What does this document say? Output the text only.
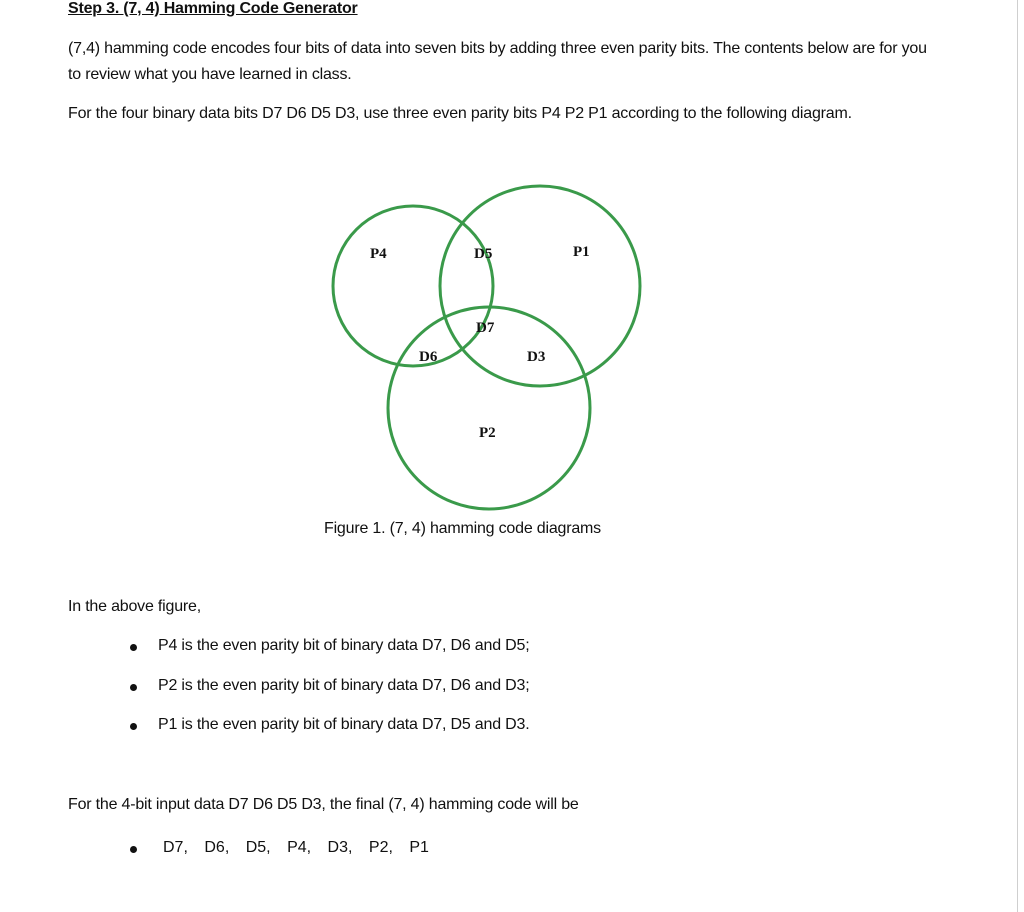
Step 3. (7, 4) Hamming Code Generator
(7,4) hamming code encodes four bits of data into seven bits by adding three even parity bits. The contents below are for you to review what you have learned in class.
For the four binary data bits D7 D6 D5 D3, use three even parity bits P4 P2 P1 according to the following diagram.
P4	D5	P1
D7
D6	D3
P2
Figure 1. (7, 4) hamming code diagrams
In the above figure,
P4 is the even parity bit of binary data D7, D6 and D5;
P2 is the even parity bit of binary data D7, D6 and D3;
P1 is the even parity bit of binary data D7, D5 and D3.
For the 4-bit input data D7 D6 D5 D3, the final (7, 4) hamming code will be
D7, D6, D5, P4, D3, P2, P1
